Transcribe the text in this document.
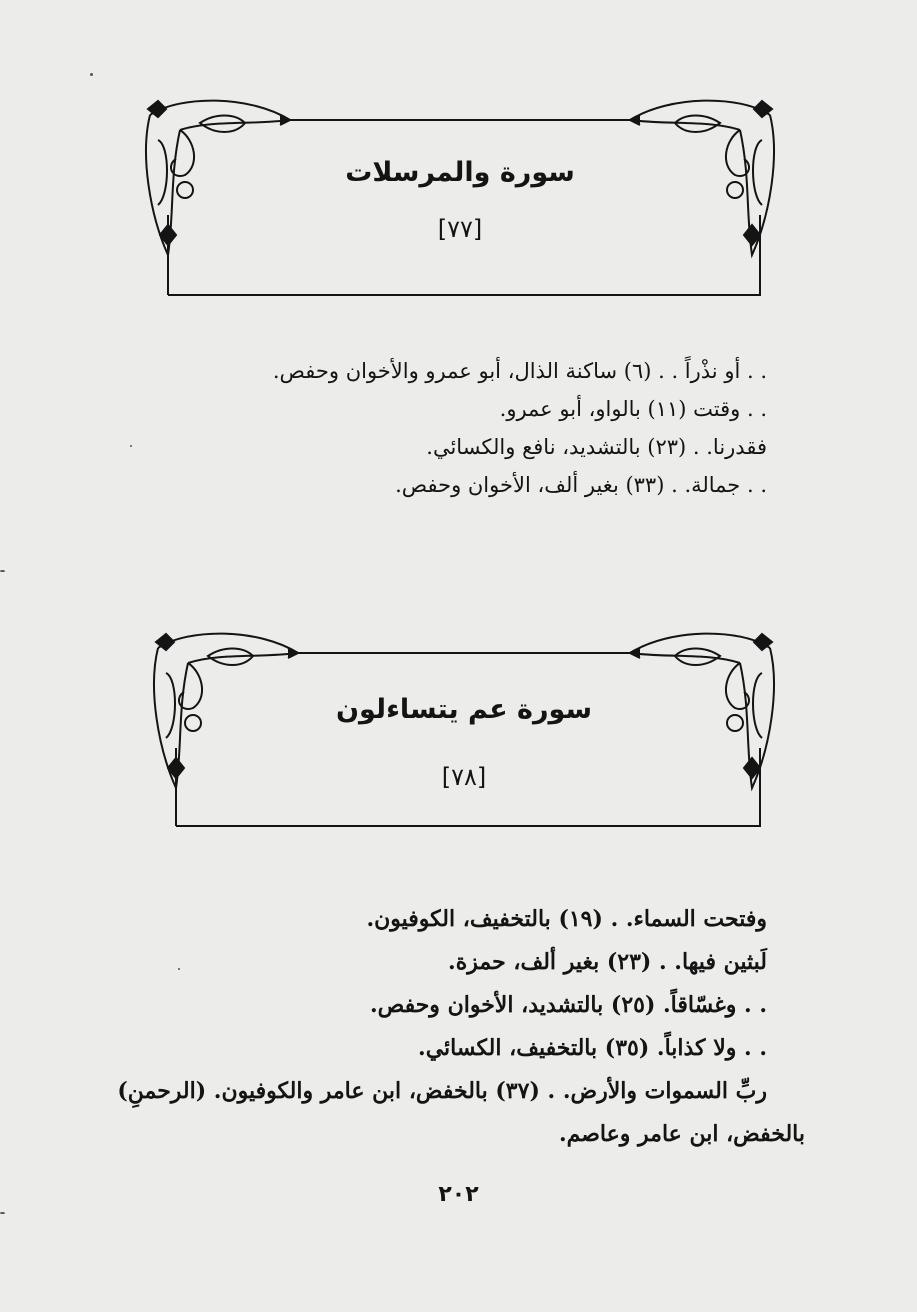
سورة والمرسلات
[٧٧]
. . أو نذْراً . . (٦) ساكنة الذال، أبو عمرو والأخوان وحفص.
. . وقتت (١١) بالواو، أبو عمرو.
فقدرنا. . (٢٣) بالتشديد، نافع والكسائي.
. . جمالة. . (٣٣) بغير ألف، الأخوان وحفص.
سورة عم يتساءلون
[٧٨]
وفتحت السماء. . (١٩) بالتخفيف، الكوفيون.
لَبثين فيها. . (٢٣) بغير ألف، حمزة.
. . وغسّاقاً. (٢٥) بالتشديد، الأخوان وحفص.
. . ولا كذاباً. (٣٥) بالتخفيف، الكسائي.
ربِّ السموات والأرض. . (٣٧) بالخفض، ابن عامر والكوفيون. (الرحمنِ)
بالخفض، ابن عامر وعاصم.
٢٠٢
